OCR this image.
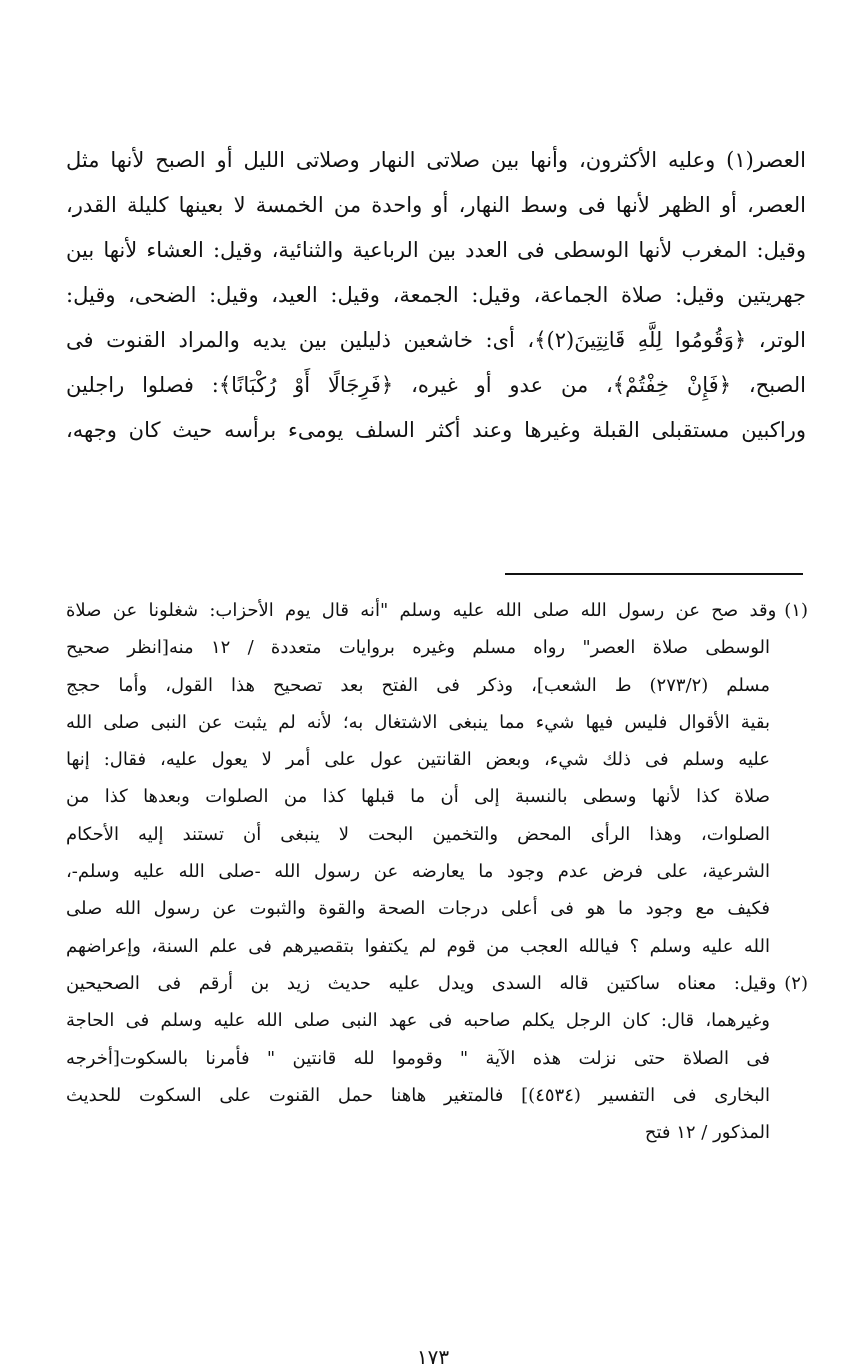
العصر(١) وعليه الأكثرون، وأنها بين صلاتى النهار وصلاتى الليل أو الصبح لأنها مثل
العصر، أو الظهر لأنها فى وسط النهار، أو واحدة من الخمسة لا بعينها كليلة القدر،
وقيل: المغرب لأنها الوسطى فى العدد بين الرباعية والثنائية، وقيل: العشاء لأنها بين
جهريتين وقيل: صلاة الجماعة، وقيل: الجمعة، وقيل: العيد، وقيل: الضحى، وقيل:
الوتر، ﴿وَقُومُوا لِلَّهِ قَانِتِينَ(٢)﴾، أى: خاشعين ذليلين بين يديه والمراد القنوت فى
الصبح، ﴿فَإِنْ خِفْتُمْ﴾، من عدو أو غيره، ﴿فَرِجَالًا أَوْ رُكْبَانًا﴾: فصلوا راجلين
وراكبين مستقبلى القبلة وغيرها وعند أكثر السلف يومىء برأسه حيث كان وجهه،
(١)وقد صح عن رسول الله صلى الله عليه وسلم "أنه قال يوم الأحزاب: شغلونا عن صلاة
الوسطى صلاة العصر" رواه مسلم وغيره بروايات متعددة / ١٢ منه[انظر صحيح
مسلم (٢٧٣/٢) ط الشعب]، وذكر فى الفتح بعد تصحيح هذا القول، وأما حجج
بقية الأقوال فليس فيها شيء مما ينبغى الاشتغال به؛ لأنه لم يثبت عن النبى صلى الله
عليه وسلم فى ذلك شيء، وبعض القانتين عول على أمر لا يعول عليه، فقال: إنها
صلاة كذا لأنها وسطى بالنسبة إلى أن ما قبلها كذا من الصلوات وبعدها كذا من
الصلوات، وهذا الرأى المحض والتخمين البحت لا ينبغى أن تستند إليه الأحكام
الشرعية، على فرض عدم وجود ما يعارضه عن رسول الله -صلى الله عليه وسلم-،
فكيف مع وجود ما هو فى أعلى درجات الصحة والقوة والثبوت عن رسول الله صلى
الله عليه وسلم ؟ فيالله العجب من قوم لم يكتفوا بتقصيرهم فى علم السنة، وإعراضهم
(٢)وقيل: معناه ساكتين قاله السدى ويدل عليه حديث زيد بن أرقم فى الصحيحين
وغيرهما، قال: كان الرجل يكلم صاحبه فى عهد النبى صلى الله عليه وسلم فى الحاجة
فى الصلاة حتى نزلت هذه الآية " وقوموا لله قانتين " فأمرنا بالسكوت[أخرجه
البخارى فى التفسير (٤٥٣٤)] فالمتغير هاهنا حمل القنوت على السكوت للحديث
المذكور / ١٢ فتح
١٧٣
